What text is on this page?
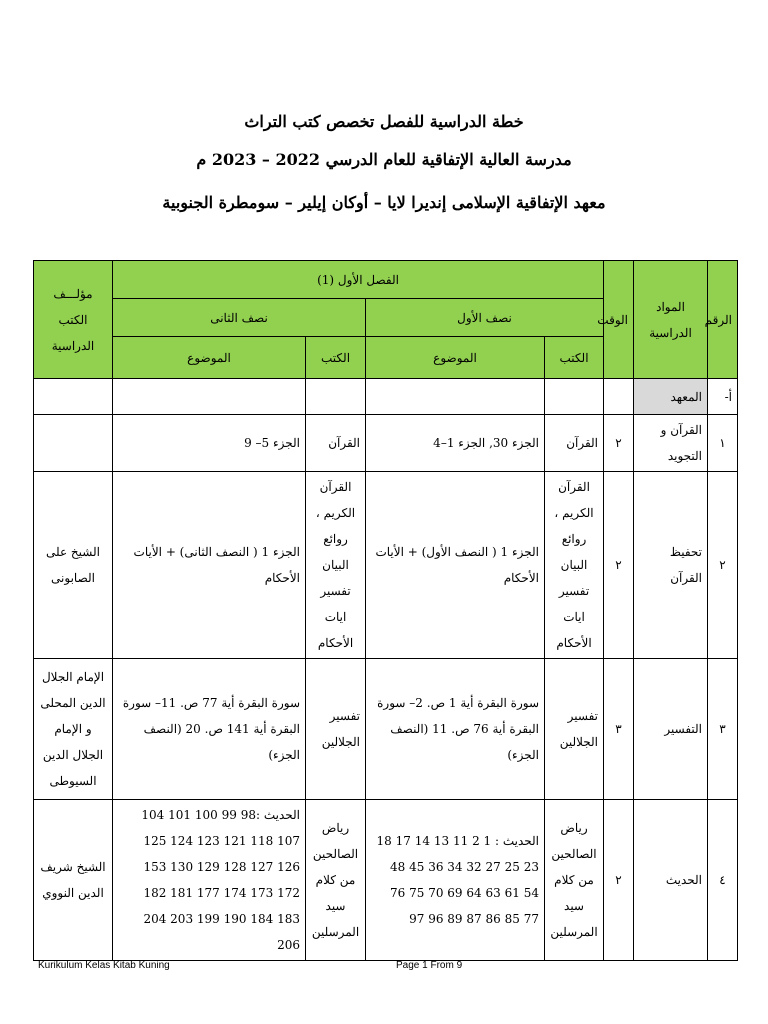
خطة الدراسية للفصل تخصص كتب التراث
مدرسة العالية الإتفاقية للعام الدرسي 2022 – 2023 م
معهد الإتفاقية الإسلامى إنديرا لايا – أوكان إيلير – سومطرة الجنوبية
الرقم	المواد الدراسية	الوقت	الفصل الأول (1)				مؤلـــف الكتب الدراسية
			نصف الأول		نصف الثانى		
			الكتب	الموضوع	الكتب	الموضوع	
أ-	المعهد						
١	القرآن و التجويد	٢	القرآن	الجزء 30, الجزء 1–4	القرآن	الجزء 5– 9	
٢	تحفيظ القرآن	٢	القرآن الكريم ، روائع البيان تفسير ايات الأحكام	الجزء 1 ( النصف الأول) + الأيات الأحكام	القرآن الكريم ، روائع البيان تفسير ايات الأحكام	الجزء 1 ( النصف الثانى) + الأيات الأحكام	الشيخ على الصابونى
٣	التفسير	٣	تفسير الجلالين	سورة البقرة أية 1 ص. 2– سورة البقرة أية 76 ص. 11 (النصف الجزء)	تفسير الجلالين	سورة البقرة أية 77 ص. 11– سورة البقرة أية 141 ص. 20 (النصف الجزء)	الإمام الجلال الدين المحلى و الإمام الجلال الدين السيوطى
٤	الحديث	٢	رياض الصالحين من كلام سيد المرسلين	الحديث : 1 2 11 13 14 17 18 23 25 27 32 34 36 45 48 54 61 63 64 69 70 75 76 77 85 86 87 89 96 97	رياض الصالحين من كلام سيد المرسلين	الحديث :98 99 100 101 104 107 118 121 123 124 125 126 127 128 129 130 153 172 173 174 177 181 182 183 184 190 199 203 204 206	الشيخ شريف الدين النووي
Kurikulum Kelas Kitab Kuning	Page 1 From 9
